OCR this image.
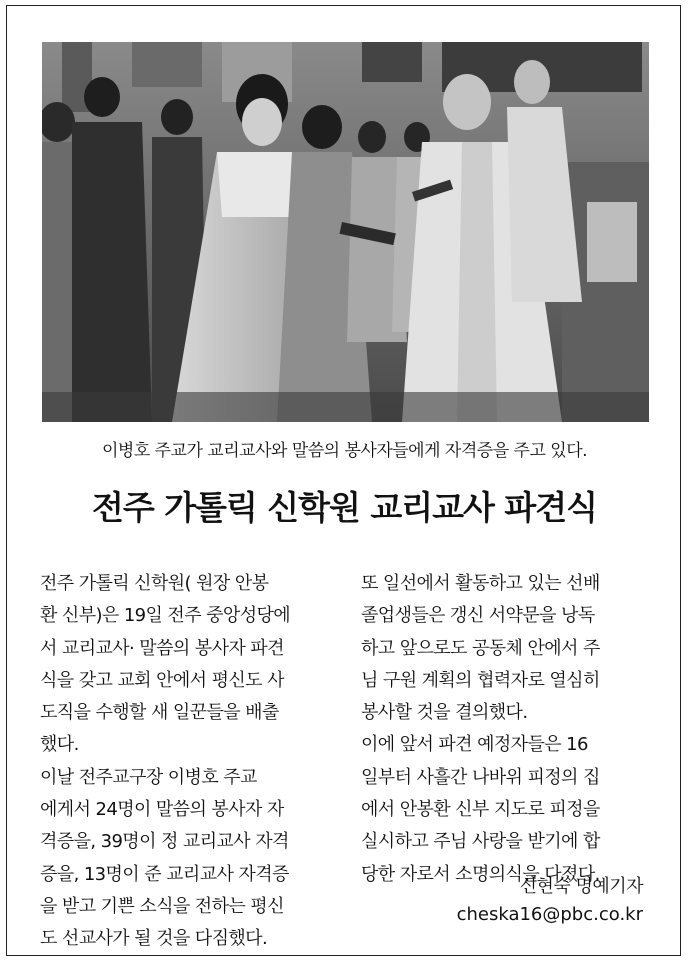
이병호 주교가 교리교사와 말씀의 봉사자들에게 자격증을 주고 있다.
전주 가톨릭 신학원 교리교사 파견식
전주 가톨릭 신학원( 원장 안봉
환 신부)은 19일 전주 중앙성당에
서 교리교사· 말씀의 봉사자 파견
식을 갖고 교회 안에서 평신도 사
도직을 수행할 새 일꾼들을 배출
했다.
이날 전주교구장 이병호 주교
에게서 24명이 말씀의 봉사자 자
격증을, 39명이 정 교리교사 자격
증을, 13명이 준 교리교사 자격증
을 받고 기쁜 소식을 전하는 평신
도 선교사가 될 것을 다짐했다.
또 일선에서 활동하고 있는 선배
졸업생들은 갱신 서약문을 낭독
하고 앞으로도 공동체 안에서 주
님 구원 계획의 협력자로 열심히
봉사할 것을 결의했다.
이에 앞서 파견 예정자들은 16
일부터 사흘간 나바위 피정의 집
에서 안봉환 신부 지도로 피정을
실시하고 주님 사랑을 받기에 합
당한 자로서 소명의식을 다졌다.
신현숙 명예기자
cheska16@pbc.co.kr
